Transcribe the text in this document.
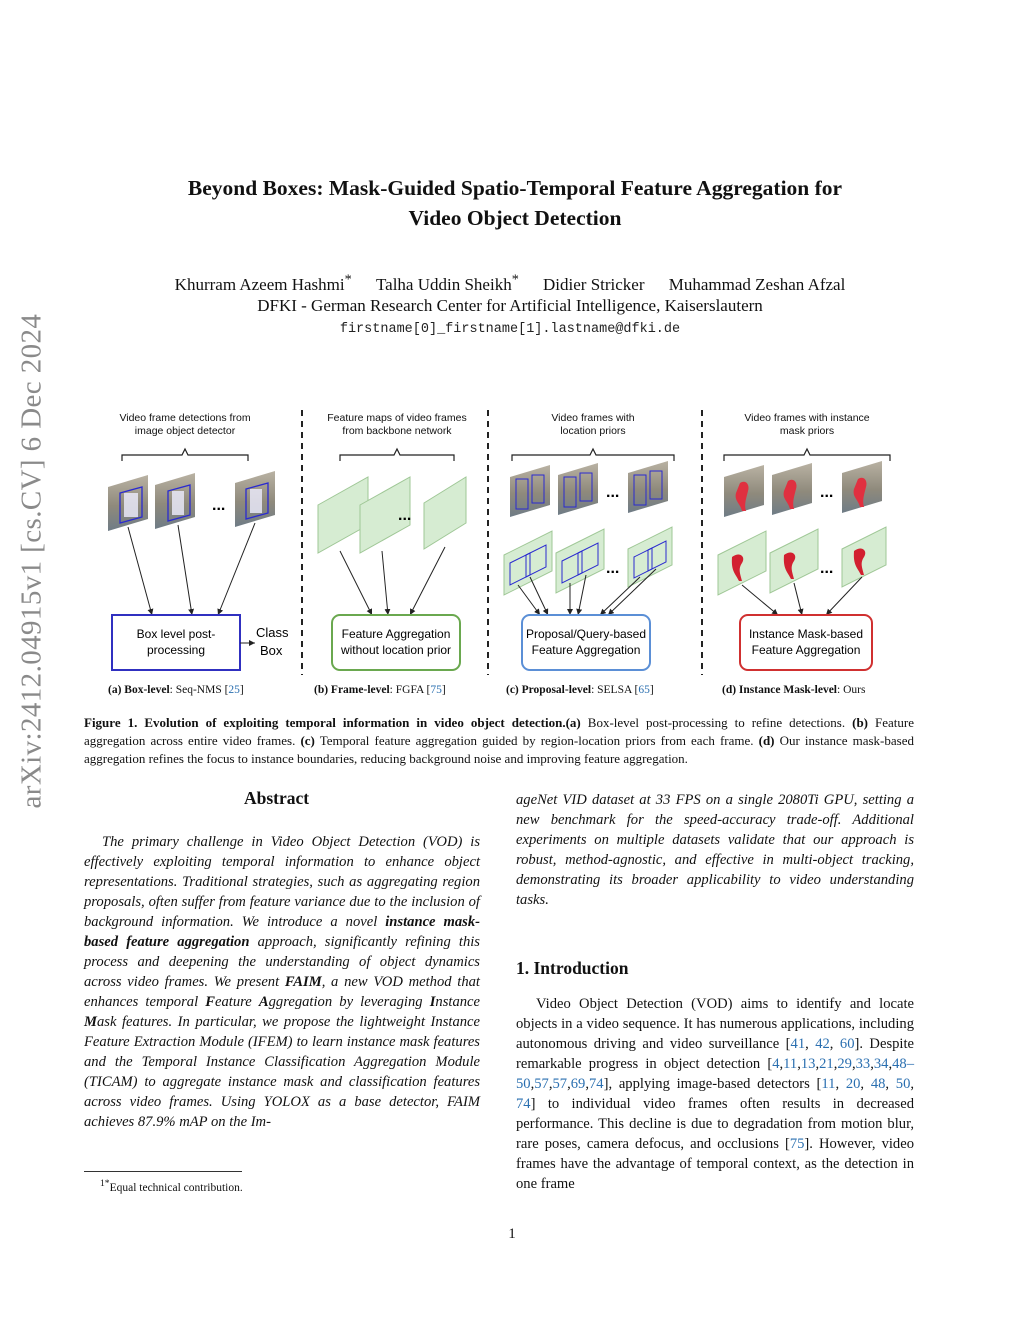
arXiv:2412.04915v1 [cs.CV] 6 Dec 2024
Beyond Boxes: Mask-Guided Spatio-Temporal Feature Aggregation for
Video Object Detection
Khurram Azeem Hashmi* Talha Uddin Sheikh* Didier Stricker Muhammad Zeshan Afzal
DFKI - German Research Center for Artificial Intelligence, Kaiserslautern
firstname[0]_firstname[1].lastname@dfki.de
Video frame detections from
image object detector
Feature maps of video frames
from backbone network
Video frames with
location priors
Video frames with instance
mask priors
...
Box level post-
processing
Class
Box
...
Feature Aggregation
without location prior
...
...
Proposal/Query-based
Feature Aggregation
...
...
Instance Mask-based
Feature Aggregation
(a) Box-level: Seq-NMS [25]	(b) Frame-level: FGFA [75]	(c) Proposal-level: SELSA [65]	(d) Instance Mask-level: Ours
Figure 1. Evolution of exploiting temporal information in video object detection.(a) Box-level post-processing to refine detections. (b) Feature aggregation across entire video frames. (c) Temporal feature aggregation guided by region-location priors from each frame. (d) Our instance mask-based aggregation refines the focus to instance boundaries, reducing background noise and improving feature aggregation.
Abstract
The primary challenge in Video Object Detection (VOD) is effectively exploiting temporal information to enhance object representations. Traditional strategies, such as aggregating region proposals, often suffer from feature variance due to the inclusion of background information. We introduce a novel instance mask-based feature aggregation approach, significantly refining this process and deepening the understanding of object dynamics across video frames. We present FAIM, a new VOD method that enhances temporal Feature Aggregation by leveraging Instance Mask features. In particular, we propose the lightweight Instance Feature Extraction Module (IFEM) to learn instance mask features and the Temporal Instance Classification Aggregation Module (TICAM) to aggregate instance mask and classification features across video frames. Using YOLOX as a base detector, FAIM achieves 87.9% mAP on the Im-
ageNet VID dataset at 33 FPS on a single 2080Ti GPU, setting a new benchmark for the speed-accuracy trade-off. Additional experiments on multiple datasets validate that our approach is robust, method-agnostic, and effective in multi-object tracking, demonstrating its broader applicability to video understanding tasks.
1. Introduction
Video Object Detection (VOD) aims to identify and locate objects in a video sequence. It has numerous applications, including autonomous driving and video surveillance [41, 42, 60]. Despite remarkable progress in object detection [4,11,13,21,29,33,34,48–50,57,57,69,74], applying image-based detectors [11, 20, 48, 50, 74] to individual video frames often results in decreased performance. This decline is due to degradation from motion blur, rare poses, camera defocus, and occlusions [75]. However, video frames have the advantage of temporal context, as the detection in one frame
$^{1*}$Equal technical contribution.
1
